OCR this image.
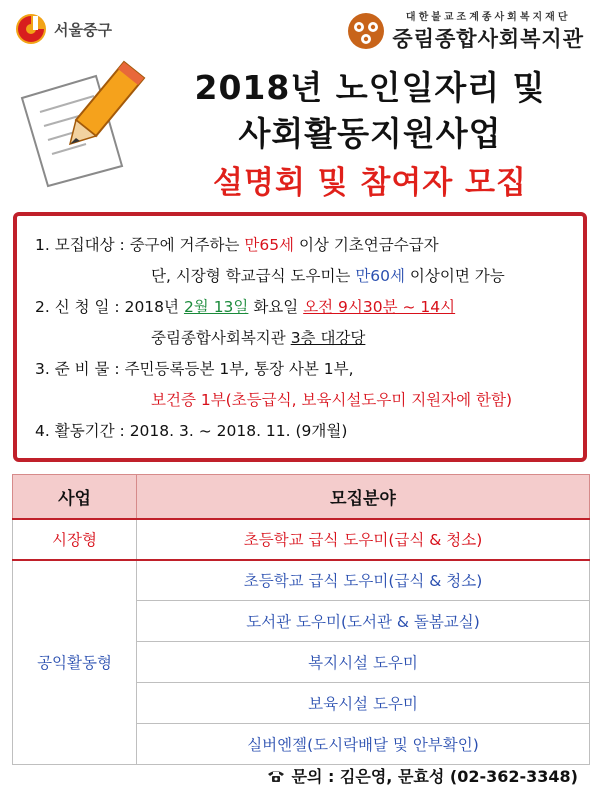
서울중구
대한불교조계종사회복지재단
중림종합사회복지관
2018년 노인일자리 및
사회활동지원사업
설명회 및 참여자 모집
1. 모집대상 : 중구에 거주하는 만65세 이상 기초연금수급자
단, 시장형 학교급식 도우미는 만60세 이상이면 가능
2. 신 청 일 : 2018년 2월 13일 화요일 오전 9시30분 ~ 14시
중림종합사회복지관 3층 대강당
3. 준 비 물 : 주민등록등본 1부, 통장 사본 1부,
보건증 1부(초등급식, 보육시설도우미 지원자에 한함)
4. 활동기간 : 2018. 3. ~ 2018. 11. (9개월)
사업	모집분야
시장형	초등학교 급식 도우미(급식 & 청소)
공익활동형	초등학교 급식 도우미(급식 & 청소)
	도서관 도우미(도서관 & 돌봄교실)
	복지시설 도우미
	보육시설 도우미
	실버엔젤(도시락배달 및 안부확인)
문의 : 김은영, 문효성 (02-362-3348)
